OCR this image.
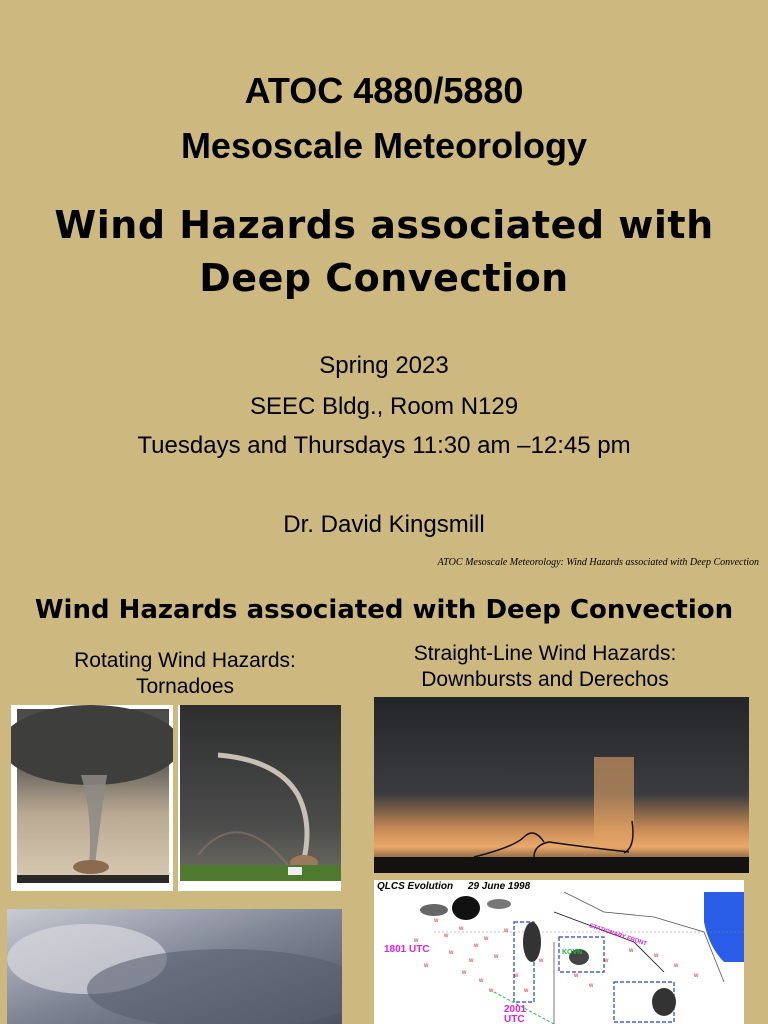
ATOC 4880/5880
Mesoscale Meteorology
Wind Hazards associated with
Deep Convection
Spring 2023
SEEC Bldg., Room N129
Tuesdays and Thursdays 11:30 am –12:45 pm
Dr. David Kingsmill
ATOC Mesoscale Meteorology: Wind Hazards associated with Deep Convection
Wind Hazards associated with Deep Convection
Rotating Wind Hazards:
Tornadoes
Straight-Line Wind Hazards:
Downbursts and Derechos
QLCS Evolution 29 June 1998
1801 UTC
2001 UTC
STATIONARY FRONT
KOVN
w
w
w
w
w
w
w
w
w
w
w
w
w
w
w
w
w
w
w
w
w
w
w	w
